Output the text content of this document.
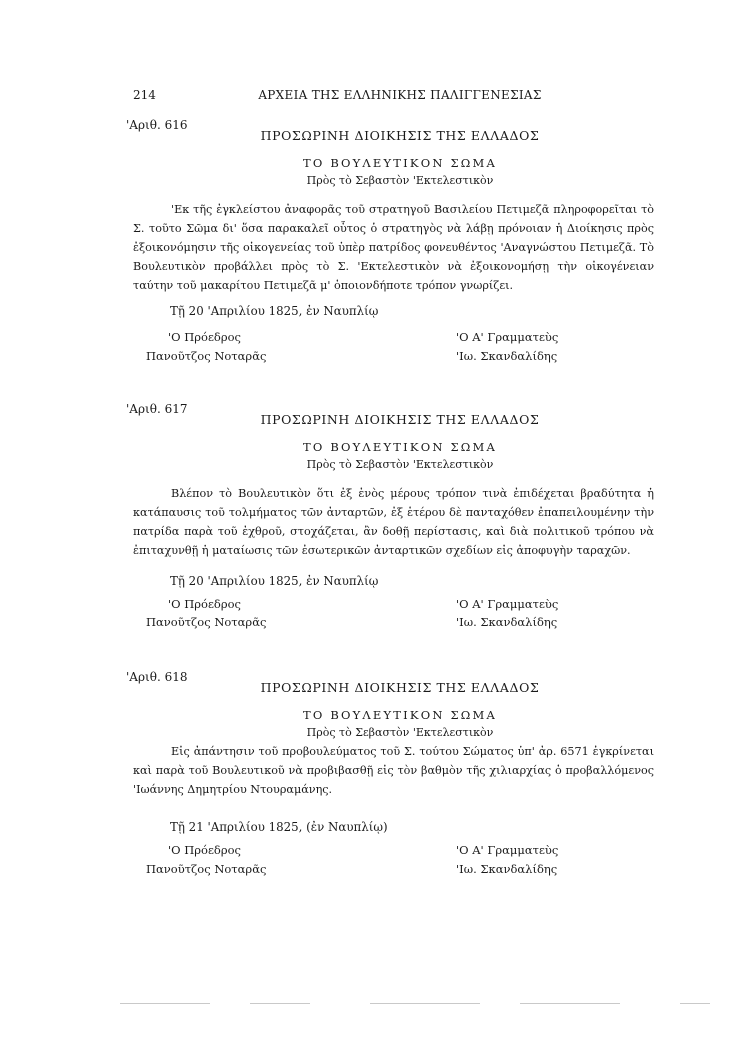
214	ΑΡΧΕΙΑ ΤΗΣ ΕΛΛΗΝΙΚΗΣ ΠΑΛΙΓΓΕΝΕΣΙΑΣ
'Αριθ. 616
ΠΡΟΣΩΡΙΝΗ ΔΙΟΙΚΗΣΙΣ ΤΗΣ ΕΛΛΑΔΟΣ
ΤΟ ΒΟΥΛΕΥΤΙΚΟΝ ΣΩΜΑ
Πρὸς τὸ Σεβαστὸν 'Εκτελεστικὸν
'Εκ τῆς ἐγκλείστου ἀναφορᾶς τοῦ στρατηγοῦ Βασιλείου Πετιμεζᾶ πληροφορεῖται τὸ Σ. τοῦτο Σῶμα δι' ὅσα παρακαλεῖ οὗτος ὁ στρατηγὸς νὰ λάβῃ πρόνοιαν ἡ Διοίκησις πρὸς ἐξοικονόμησιν τῆς οἰκογενείας τοῦ ὑπὲρ πατρίδος φονευθέντος 'Αναγνώστου Πετιμεζᾶ. Τὸ Βουλευτικὸν προβάλλει πρὸς τὸ Σ. 'Εκτελεστικὸν νὰ ἐξοικονομήσῃ τὴν οἰκογένειαν ταύτην τοῦ μακαρίτου Πετιμεζᾶ μ' ὁποιονδήποτε τρόπον γνωρίζει.
Τῇ 20 'Απριλίου 1825, ἐν Ναυπλίῳ
'Ο Πρόεδρος
Πανοῦτζος Νοταρᾶς
'Ο Α' Γραμματεὺς
'Ιω. Σκανδαλίδης
'Αριθ. 617
ΠΡΟΣΩΡΙΝΗ ΔΙΟΙΚΗΣΙΣ ΤΗΣ ΕΛΛΑΔΟΣ
ΤΟ ΒΟΥΛΕΥΤΙΚΟΝ ΣΩΜΑ
Πρὸς τὸ Σεβαστὸν 'Εκτελεστικὸν
Βλέπον τὸ Βουλευτικὸν ὅτι ἐξ ἑνὸς μέρους τρόπον τινὰ ἐπιδέχεται βραδύτητα ἡ κατάπαυσις τοῦ τολμήματος τῶν ἀνταρτῶν, ἐξ ἑτέρου δὲ πανταχόθεν ἐπαπειλουμένην τὴν πατρίδα παρὰ τοῦ ἐχθροῦ, στοχάζεται, ἂν δοθῇ περίστασις, καὶ διὰ πολιτικοῦ τρόπου νὰ ἐπιταχυνθῇ ἡ ματαίωσις τῶν ἐσωτερικῶν ἀνταρτικῶν σχεδίων εἰς ἀποφυγὴν ταραχῶν.
Τῇ 20 'Απριλίου 1825, ἐν Ναυπλίῳ
'Ο Πρόεδρος
Πανοῦτζος Νοταρᾶς
'Ο Α' Γραμματεὺς
'Ιω. Σκανδαλίδης
'Αριθ. 618
ΠΡΟΣΩΡΙΝΗ ΔΙΟΙΚΗΣΙΣ ΤΗΣ ΕΛΛΑΔΟΣ
ΤΟ ΒΟΥΛΕΥΤΙΚΟΝ ΣΩΜΑ
Πρὸς τὸ Σεβαστὸν 'Εκτελεστικὸν
Εἰς ἀπάντησιν τοῦ προβουλεύματος τοῦ Σ. τούτου Σώματος ὑπ' ἀρ. 6571 ἐγκρίνεται καὶ παρὰ τοῦ Βουλευτικοῦ νὰ προβιβασθῇ εἰς τὸν βαθμὸν τῆς χιλιαρχίας ὁ προβαλλόμενος 'Ιωάννης Δημητρίου Ντουραμάνης.
Τῇ 21 'Απριλίου 1825, (ἐν Ναυπλίῳ)
'Ο Πρόεδρος
Πανοῦτζος Νοταρᾶς
'Ο Α' Γραμματεὺς
'Ιω. Σκανδαλίδης
